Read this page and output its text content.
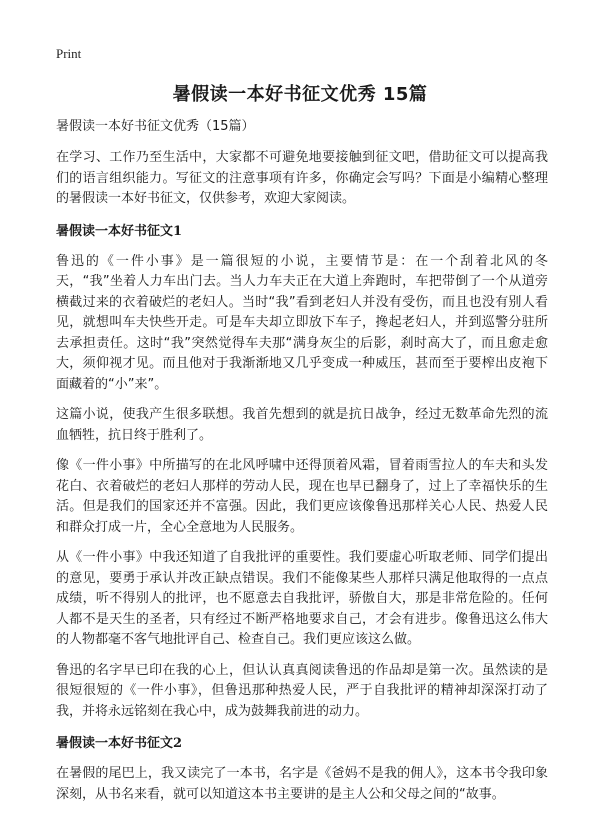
Print
暑假读一本好书征文优秀 15篇

暑假读一本好书征文优秀（15篇）

在学习、工作乃至生活中，大家都不可避免地要接触到征文吧，借助征文可以提高我们的语言组织能力。写征文的注意事项有许多，你确定会写吗？下面是小编精心整理的暑假读一本好书征文，仅供参考，欢迎大家阅读。

暑假读一本好书征文1

鲁迅的《一件小事》是一篇很短的小说，主要情节是：在一个刮着北风的冬天，“我”坐着人力车出门去。当人力车夫正在大道上奔跑时，车把带倒了一个从道旁横截过来的衣着破烂的老妇人。当时“我”看到老妇人并没有受伤，而且也没有别人看见，就想叫车夫快些开走。可是车夫却立即放下车子，搀起老妇人，并到巡警分驻所去承担责任。这时“我”突然觉得车夫那“满身灰尘的后影，刹时高大了，而且愈走愈大，须仰视才见。而且他对于我渐渐地又几乎变成一种威压，甚而至于要榨出皮袍下面藏着的“小”来”。

这篇小说，使我产生很多联想。我首先想到的就是抗日战争，经过无数革命先烈的流血牺牲，抗日终于胜利了。

像《一件小事》中所描写的在北风呼啸中还得顶着风霜，冒着雨雪拉人的车夫和头发花白、衣着破烂的老妇人那样的劳动人民，现在也早已翻身了，过上了幸福快乐的生活。但是我们的国家还并不富强。因此，我们更应该像鲁迅那样关心人民、热爱人民和群众打成一片，全心全意地为人民服务。

从《一件小事》中我还知道了自我批评的重要性。我们要虚心听取老师、同学们提出的意见，要勇于承认并改正缺点错误。我们不能像某些人那样只满足他取得的一点点成绩，听不得别人的批评，也不愿意去自我批评，骄傲自大，那是非常危险的。任何人都不是天生的圣者，只有经过不断严格地要求自己，才会有进步。像鲁迅这么伟大的人物都毫不客气地批评自己、检查自己。我们更应该这么做。

鲁迅的名字早已印在我的心上，但认认真真阅读鲁迅的作品却是第一次。虽然读的是很短很短的《一件小事》，但鲁迅那种热爱人民，严于自我批评的精神却深深打动了我，并将永远铭刻在我心中，成为鼓舞我前进的动力。

暑假读一本好书征文2

在暑假的尾巴上，我又读完了一本书，名字是《爸妈不是我的佣人》，这本书令我印象深刻，从书名来看，就可以知道这本书主要讲的是主人公和父母之间的“故事。
